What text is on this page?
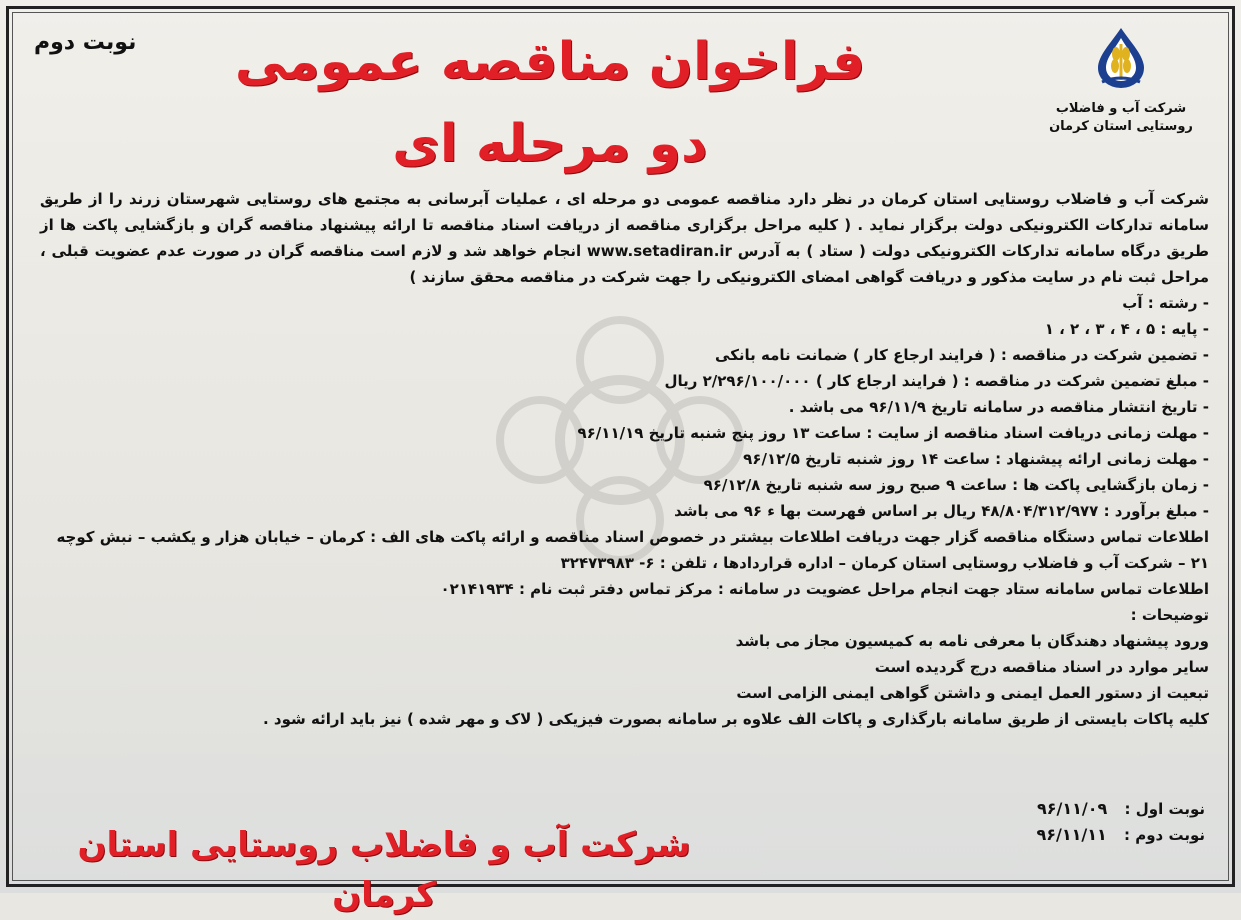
شرکت آب و فاضلاب
روستایی استان کرمان
نوبت دوم فراخوان مناقصه عمومی
دو مرحله ای
شرکت آب و فاضلاب روستایی استان کرمان در نظر دارد مناقصه عمومی دو مرحله ای ، عملیات آبرسانی به مجتمع های روستایی شهرستان زرند را از طریق سامانه تدارکات الکترونیکی دولت برگزار نماید . ( کلیه مراحل برگزاری مناقصه از دریافت اسناد مناقصه تا ارائه پیشنهاد مناقصه گران و بازگشایی پاکت ها از طریق درگاه سامانه تدارکات الکترونیکی دولت ( ستاد ) به آدرس www.setadiran.ir انجام خواهد شد و لازم است مناقصه گران در صورت عدم عضویت قبلی ، مراحل ثبت نام در سایت مذکور و دریافت گواهی امضای الکترونیکی را جهت شرکت در مناقصه محقق سازند )
- رشته : آب
- پایه : ۵ ، ۴ ، ۳ ، ۲ ، ۱
- تضمین شرکت در مناقصه : ( فرایند ارجاع کار ) ضمانت نامه بانکی
- مبلغ تضمین شرکت در مناقصه : ( فرایند ارجاع کار ) ۲/۲۹۶/۱۰۰/۰۰۰ ریال
- تاریخ انتشار مناقصه در سامانه تاریخ ۹۶/۱۱/۹ می باشد .
- مهلت زمانی دریافت اسناد مناقصه از سایت : ساعت ۱۳ روز پنج شنبه تاریخ ۹۶/۱۱/۱۹
- مهلت زمانی ارائه پیشنهاد : ساعت ۱۴ روز شنبه تاریخ ۹۶/۱۲/۵
- زمان بازگشایی پاکت ها : ساعت ۹ صبح روز سه شنبه تاریخ ۹۶/۱۲/۸
- مبلغ برآورد : ۴۸/۸۰۴/۳۱۲/۹۷۷ ریال بر اساس فهرست بها ء ۹۶ می باشد
اطلاعات تماس دستگاه مناقصه گزار جهت دریافت اطلاعات بیشتر در خصوص اسناد مناقصه و ارائه پاکت های الف : کرمان – خیابان هزار و یکشب – نبش کوچه ۲۱ – شرکت آب و فاضلاب روستایی استان کرمان – اداره قراردادها ، تلفن : ۶- ۳۲۴۷۳۹۸۳
اطلاعات تماس سامانه ستاد جهت انجام مراحل عضویت در سامانه : مرکز تماس دفتر ثبت نام : ۰۲۱۴۱۹۳۴
توضیحات :
ورود پیشنهاد دهندگان با معرفی نامه به کمیسیون مجاز می باشد
سایر موارد در اسناد مناقصه درج گردیده است
تبعیت از دستور العمل ایمنی و داشتن گواهی ایمنی الزامی است
کلیه پاکات بایستی از طریق سامانه بارگذاری و پاکات الف علاوه بر سامانه بصورت فیزیکی ( لاک و مهر شده ) نیز باید ارائه شود .
نوبت اول : ۹۶/۱۱/۰۹
نوبت دوم : ۹۶/۱۱/۱۱
شرکت آب و فاضلاب روستایی استان کرمان
